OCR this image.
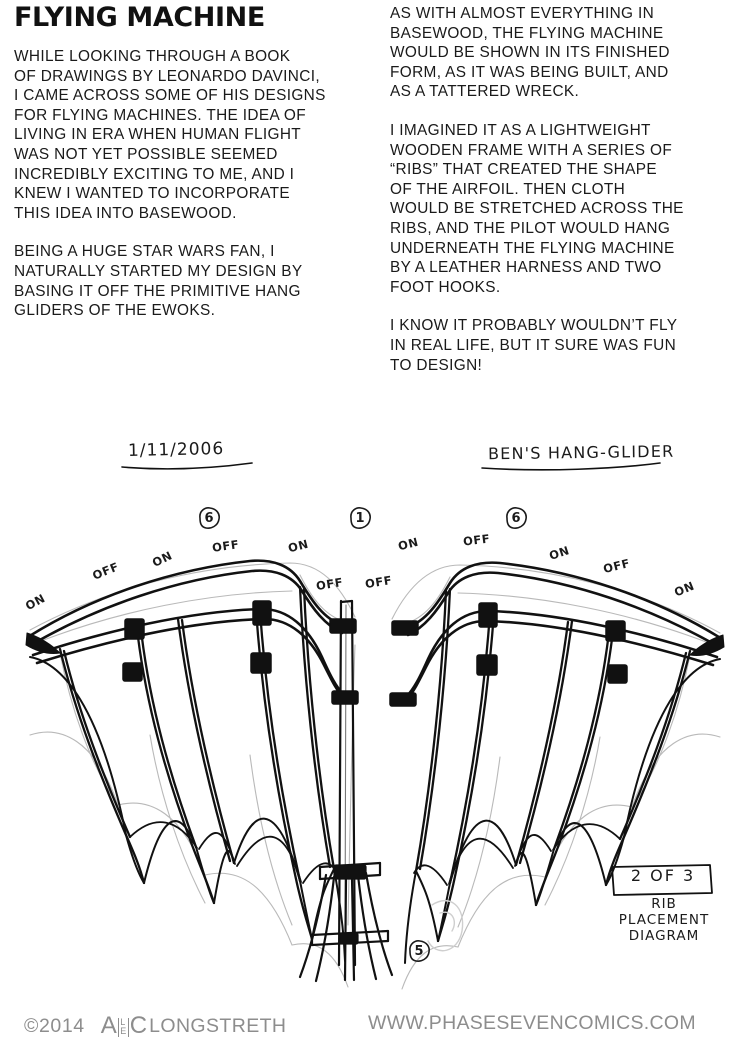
FLYING MACHINE

WHILE LOOKING THROUGH A BOOK
OF DRAWINGS BY LEONARDO DAVINCI,
I CAME ACROSS SOME OF HIS DESIGNS
FOR FLYING MACHINES. THE IDEA OF
LIVING IN ERA WHEN HUMAN FLIGHT
WAS NOT YET POSSIBLE SEEMED
INCREDIBLY EXCITING TO ME, AND I
KNEW I WANTED TO INCORPORATE
THIS IDEA INTO BASEWOOD.

BEING A HUGE STAR WARS FAN, I
NATURALLY STARTED MY DESIGN BY
BASING IT OFF THE PRIMITIVE HANG
GLIDERS OF THE EWOKS.

AS WITH ALMOST EVERYTHING IN
BASEWOOD, THE FLYING MACHINE
WOULD BE SHOWN IN ITS FINISHED
FORM, AS IT WAS BEING BUILT, AND
AS A TATTERED WRECK.

I IMAGINED IT AS A LIGHTWEIGHT
WOODEN FRAME WITH A SERIES OF
“RIBS” THAT CREATED THE SHAPE
OF THE AIRFOIL. THEN CLOTH
WOULD BE STRETCHED ACROSS THE
RIBS, AND THE PILOT WOULD HANG
UNDERNEATH THE FLYING MACHINE
BY A LEATHER HARNESS AND TWO
FOOT HOOKS.

I KNOW IT PROBABLY WOULDN’T FLY
IN REAL LIFE, BUT IT SURE WAS FUN
TO DESIGN!

1/11/2006	BEN'S HANG-GLIDER
ON
OFF
ON
OFF	ON
OFF OFF
ON	OFF
ON
OFF
ON
6	1	6
5
2 OF 3
RIB
PLACEMENT
DIAGRAM
©2014 A L
E C LONGSTRETH	WWW.PHASESEVENCOMICS.COM
